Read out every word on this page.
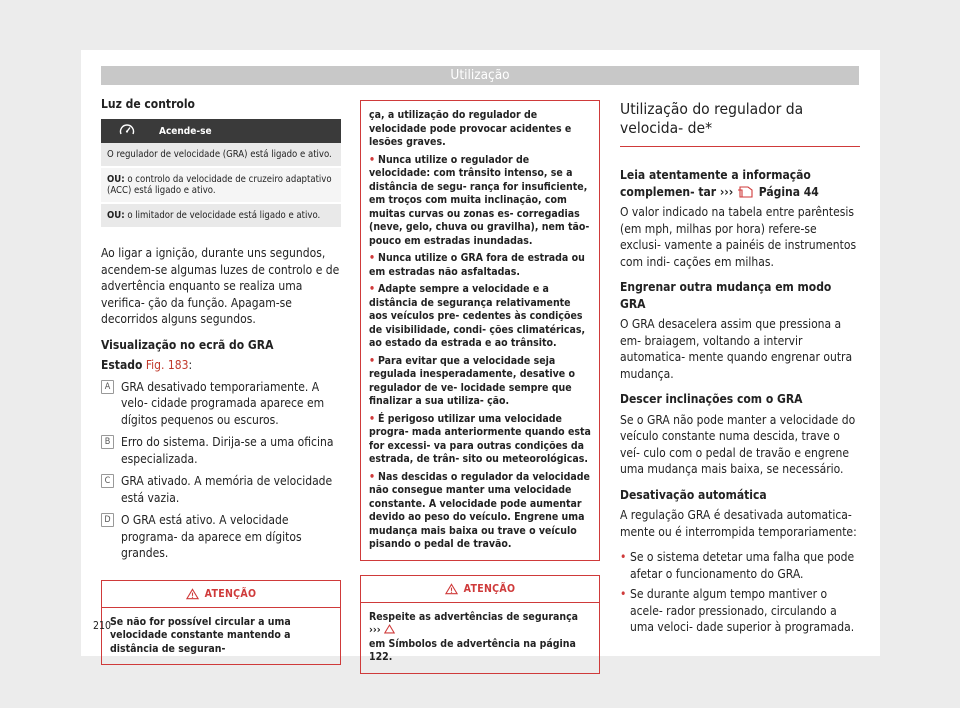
Utilização
Luz de controlo
	Acende-se
O regulador de velocidade (GRA) está ligado e ativo.
OU: o controlo da velocidade de cruzeiro adaptativo (ACC) está ligado e ativo.
OU: o limitador de velocidade está ligado e ativo.

Ao ligar a ignição, durante uns segundos, acendem-se algumas luzes de controlo e de advertência enquanto se realiza uma verifica- ção da função. Apagam-se decorridos alguns segundos.

Visualização no ecrã do GRA

Estado Fig. 183:

A GRA desativado temporariamente. A velo- cidade programada aparece em dígitos pequenos ou escuros.
B Erro do sistema. Dirija-se a uma oficina especializada.
C GRA ativado. A memória de velocidade está vazia.
D O GRA está ativo. A velocidade programa- da aparece em dígitos grandes.
ATENÇÃO
Se não for possível circular a uma velocidade constante mantendo a distância de seguran-
ça, a utilização do regulador de velocidade pode provocar acidentes e lesões graves.
• Nunca utilize o regulador de velocidade: com trânsito intenso, se a distância de segu- rança for insuficiente, em troços com muita inclinação, com muitas curvas ou zonas es- corregadias (neve, gelo, chuva ou gravilha), nem tão-pouco em estradas inundadas.
• Nunca utilize o GRA fora de estrada ou em estradas não asfaltadas.
• Adapte sempre a velocidade e a distância de segurança relativamente aos veículos pre- cedentes às condições de visibilidade, condi- ções climatéricas, ao estado da estrada e ao trânsito.
• Para evitar que a velocidade seja regulada inesperadamente, desative o regulador de ve- locidade sempre que finalizar a sua utiliza- ção.
• É perigoso utilizar uma velocidade progra- mada anteriormente quando esta for excessi- va para outras condições da estrada, de trân- sito ou meteorológicas.
• Nas descidas o regulador da velocidade não consegue manter uma velocidade constante. A velocidade pode aumentar devido ao peso do veículo. Engrene uma mudança mais baixa ou trave o veículo pisando o pedal de travão.
ATENÇÃO
Respeite as advertências de segurança ›››
em Símbolos de advertência na página 122.
Utilização do regulador da velocida- de*

Leia atentamente a informação complemen- tar ››› Página 44

O valor indicado na tabela entre parêntesis (em mph, milhas por hora) refere-se exclusi- vamente a painéis de instrumentos com indi- cações em milhas.

Engrenar outra mudança em modo GRA

O GRA desacelera assim que pressiona a em- braiagem, voltando a intervir automatica- mente quando engrenar outra mudança.

Descer inclinações com o GRA

Se o GRA não pode manter a velocidade do veículo constante numa descida, trave o veí- culo com o pedal de travão e engrene uma mudança mais baixa, se necessário.

Desativação automática

A regulação GRA é desativada automatica- mente ou é interrompida temporariamente:

• Se o sistema detetar uma falha que pode afetar o funcionamento do GRA.
• Se durante algum tempo mantiver o acele- rador pressionado, circulando a uma veloci- dade superior à programada.
210
